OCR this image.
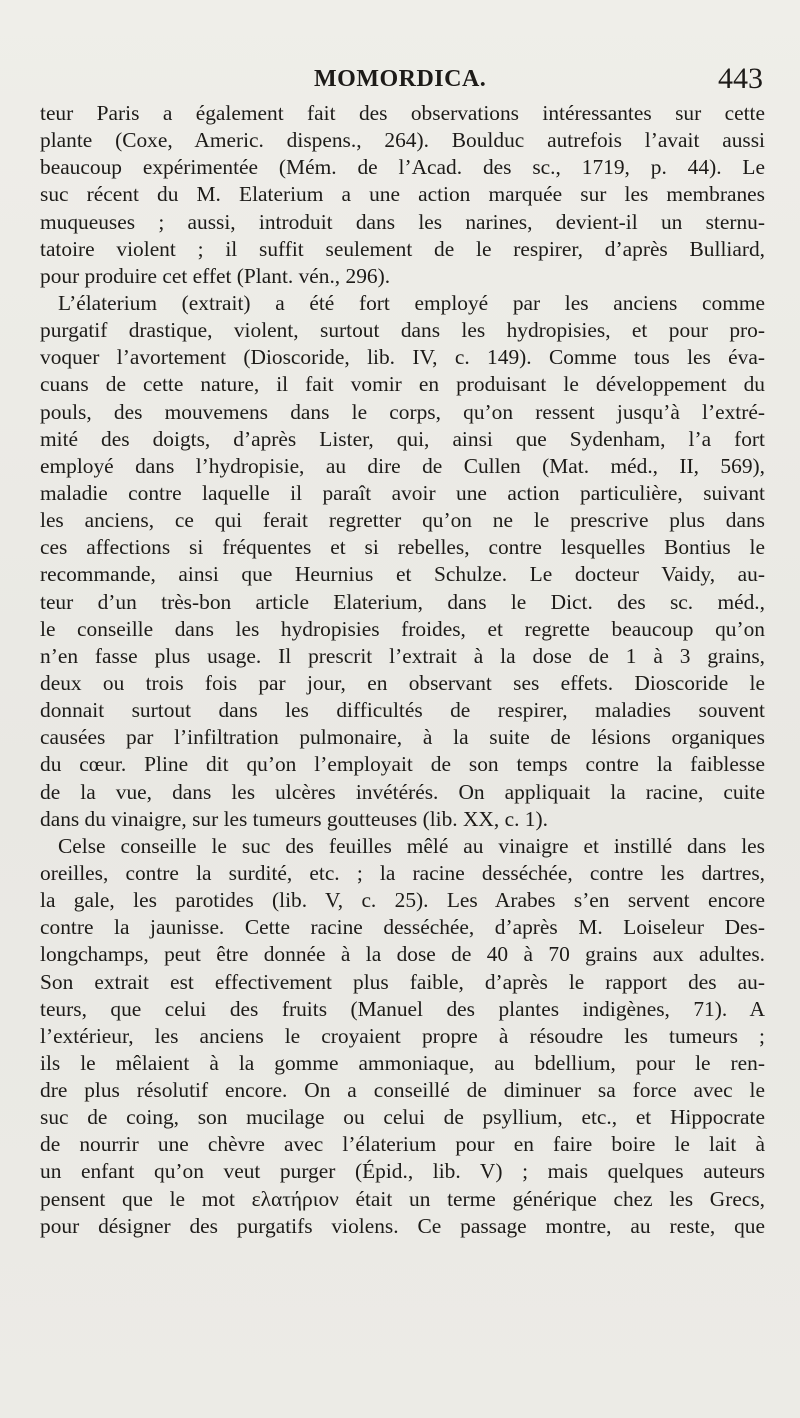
MOMORDICA.	443
teur Paris a également fait des observations intéressantes sur cette
plante (Coxe, Americ. dispens., 264). Boulduc autrefois l’avait aussi
beaucoup expérimentée (Mém. de l’Acad. des sc., 1719, p. 44). Le
suc récent du M. Elaterium a une action marquée sur les membranes
muqueuses ; aussi, introduit dans les narines, devient-il un sternu-
tatoire violent ; il suffit seulement de le respirer, d’après Bulliard,
pour produire cet effet (Plant. vén., 296).
L’élaterium (extrait) a été fort employé par les anciens comme
purgatif drastique, violent, surtout dans les hydropisies, et pour pro-
voquer l’avortement (Dioscoride, lib. IV, c. 149). Comme tous les éva-
cuans de cette nature, il fait vomir en produisant le développement du
pouls, des mouvemens dans le corps, qu’on ressent jusqu’à l’extré-
mité des doigts, d’après Lister, qui, ainsi que Sydenham, l’a fort
employé dans l’hydropisie, au dire de Cullen (Mat. méd., II, 569),
maladie contre laquelle il paraît avoir une action particulière, suivant
les anciens, ce qui ferait regretter qu’on ne le prescrive plus dans
ces affections si fréquentes et si rebelles, contre lesquelles Bontius le
recommande, ainsi que Heurnius et Schulze. Le docteur Vaidy, au-
teur d’un très-bon article Elaterium, dans le Dict. des sc. méd.,
le conseille dans les hydropisies froides, et regrette beaucoup qu’on
n’en fasse plus usage. Il prescrit l’extrait à la dose de 1 à 3 grains,
deux ou trois fois par jour, en observant ses effets. Dioscoride le
donnait surtout dans les difficultés de respirer, maladies souvent
causées par l’infiltration pulmonaire, à la suite de lésions organiques
du cœur. Pline dit qu’on l’employait de son temps contre la faiblesse
de la vue, dans les ulcères invétérés. On appliquait la racine, cuite
dans du vinaigre, sur les tumeurs goutteuses (lib. XX, c. 1).
Celse conseille le suc des feuilles mêlé au vinaigre et instillé dans les
oreilles, contre la surdité, etc. ; la racine desséchée, contre les dartres,
la gale, les parotides (lib. V, c. 25). Les Arabes s’en servent encore
contre la jaunisse. Cette racine desséchée, d’après M. Loiseleur Des-
longchamps, peut être donnée à la dose de 40 à 70 grains aux adultes.
Son extrait est effectivement plus faible, d’après le rapport des au-
teurs, que celui des fruits (Manuel des plantes indigènes, 71). A
l’extérieur, les anciens le croyaient propre à résoudre les tumeurs ;
ils le mêlaient à la gomme ammoniaque, au bdellium, pour le ren-
dre plus résolutif encore. On a conseillé de diminuer sa force avec le
suc de coing, son mucilage ou celui de psyllium, etc., et Hippocrate
de nourrir une chèvre avec l’élaterium pour en faire boire le lait à
un enfant qu’on veut purger (Épid., lib. V) ; mais quelques auteurs
pensent que le mot ελατήριον était un terme générique chez les Grecs,
pour désigner des purgatifs violens. Ce passage montre, au reste, que
